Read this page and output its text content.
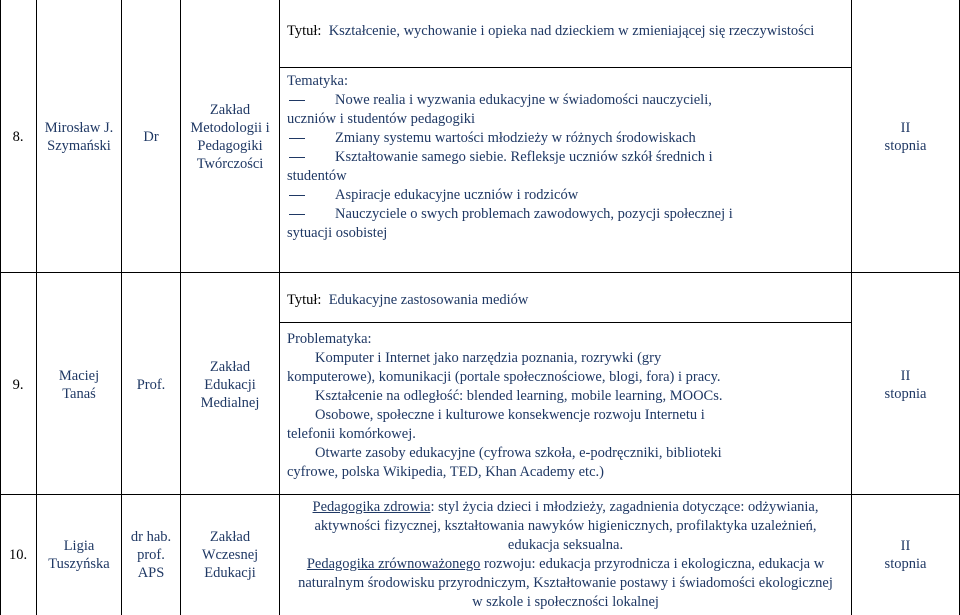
8.
Mirosław J. Szymański
Dr
Zakład Metodologii i Pedagogiki Twórczości
Tytuł: Kształcenie, wychowanie i opieka nad dzieckiem w zmieniającej się rzeczywistości
Tematyka:
Nowe realia i wyzwania edukacyjne w świadomości nauczycieli,
uczniów i studentów pedagogiki
Zmiany systemu wartości młodzieży w różnych środowiskach
Kształtowanie samego siebie. Refleksje uczniów szkół średnich i
studentów
Aspiracje edukacyjne uczniów i rodziców
Nauczyciele o swych problemach zawodowych, pozycji społecznej i
sytuacji osobistej
II stopnia
9.
Maciej Tanaś
Prof.
Zakład Edukacji Medialnej
Tytuł: Edukacyjne zastosowania mediów
Problematyka:
Komputer i Internet jako narzędzia poznania, rozrywki (gry
komputerowe), komunikacji (portale społecznościowe, blogi, fora) i pracy.
Kształcenie na odległość: blended learning, mobile learning, MOOCs.
Osobowe, społeczne i kulturowe konsekwencje rozwoju Internetu i
telefonii komórkowej.
Otwarte zasoby edukacyjne (cyfrowa szkoła, e-podręczniki, biblioteki
cyfrowe, polska Wikipedia, TED, Khan Academy etc.)
II stopnia
10.
Ligia Tuszyńska
dr hab. prof. APS
Zakład Wczesnej Edukacji
Pedagogika zdrowia: styl życia dzieci i młodzieży, zagadnienia dotyczące: odżywiania,
aktywności fizycznej, kształtowania nawyków higienicznych, profilaktyka uzależnień,
edukacja seksualna.
Pedagogika zrównoważonego rozwoju: edukacja przyrodnicza i ekologiczna, edukacja w
naturalnym środowisku przyrodniczym, Kształtowanie postawy i świadomości ekologicznej
w szkole i społeczności lokalnej
II stopnia
